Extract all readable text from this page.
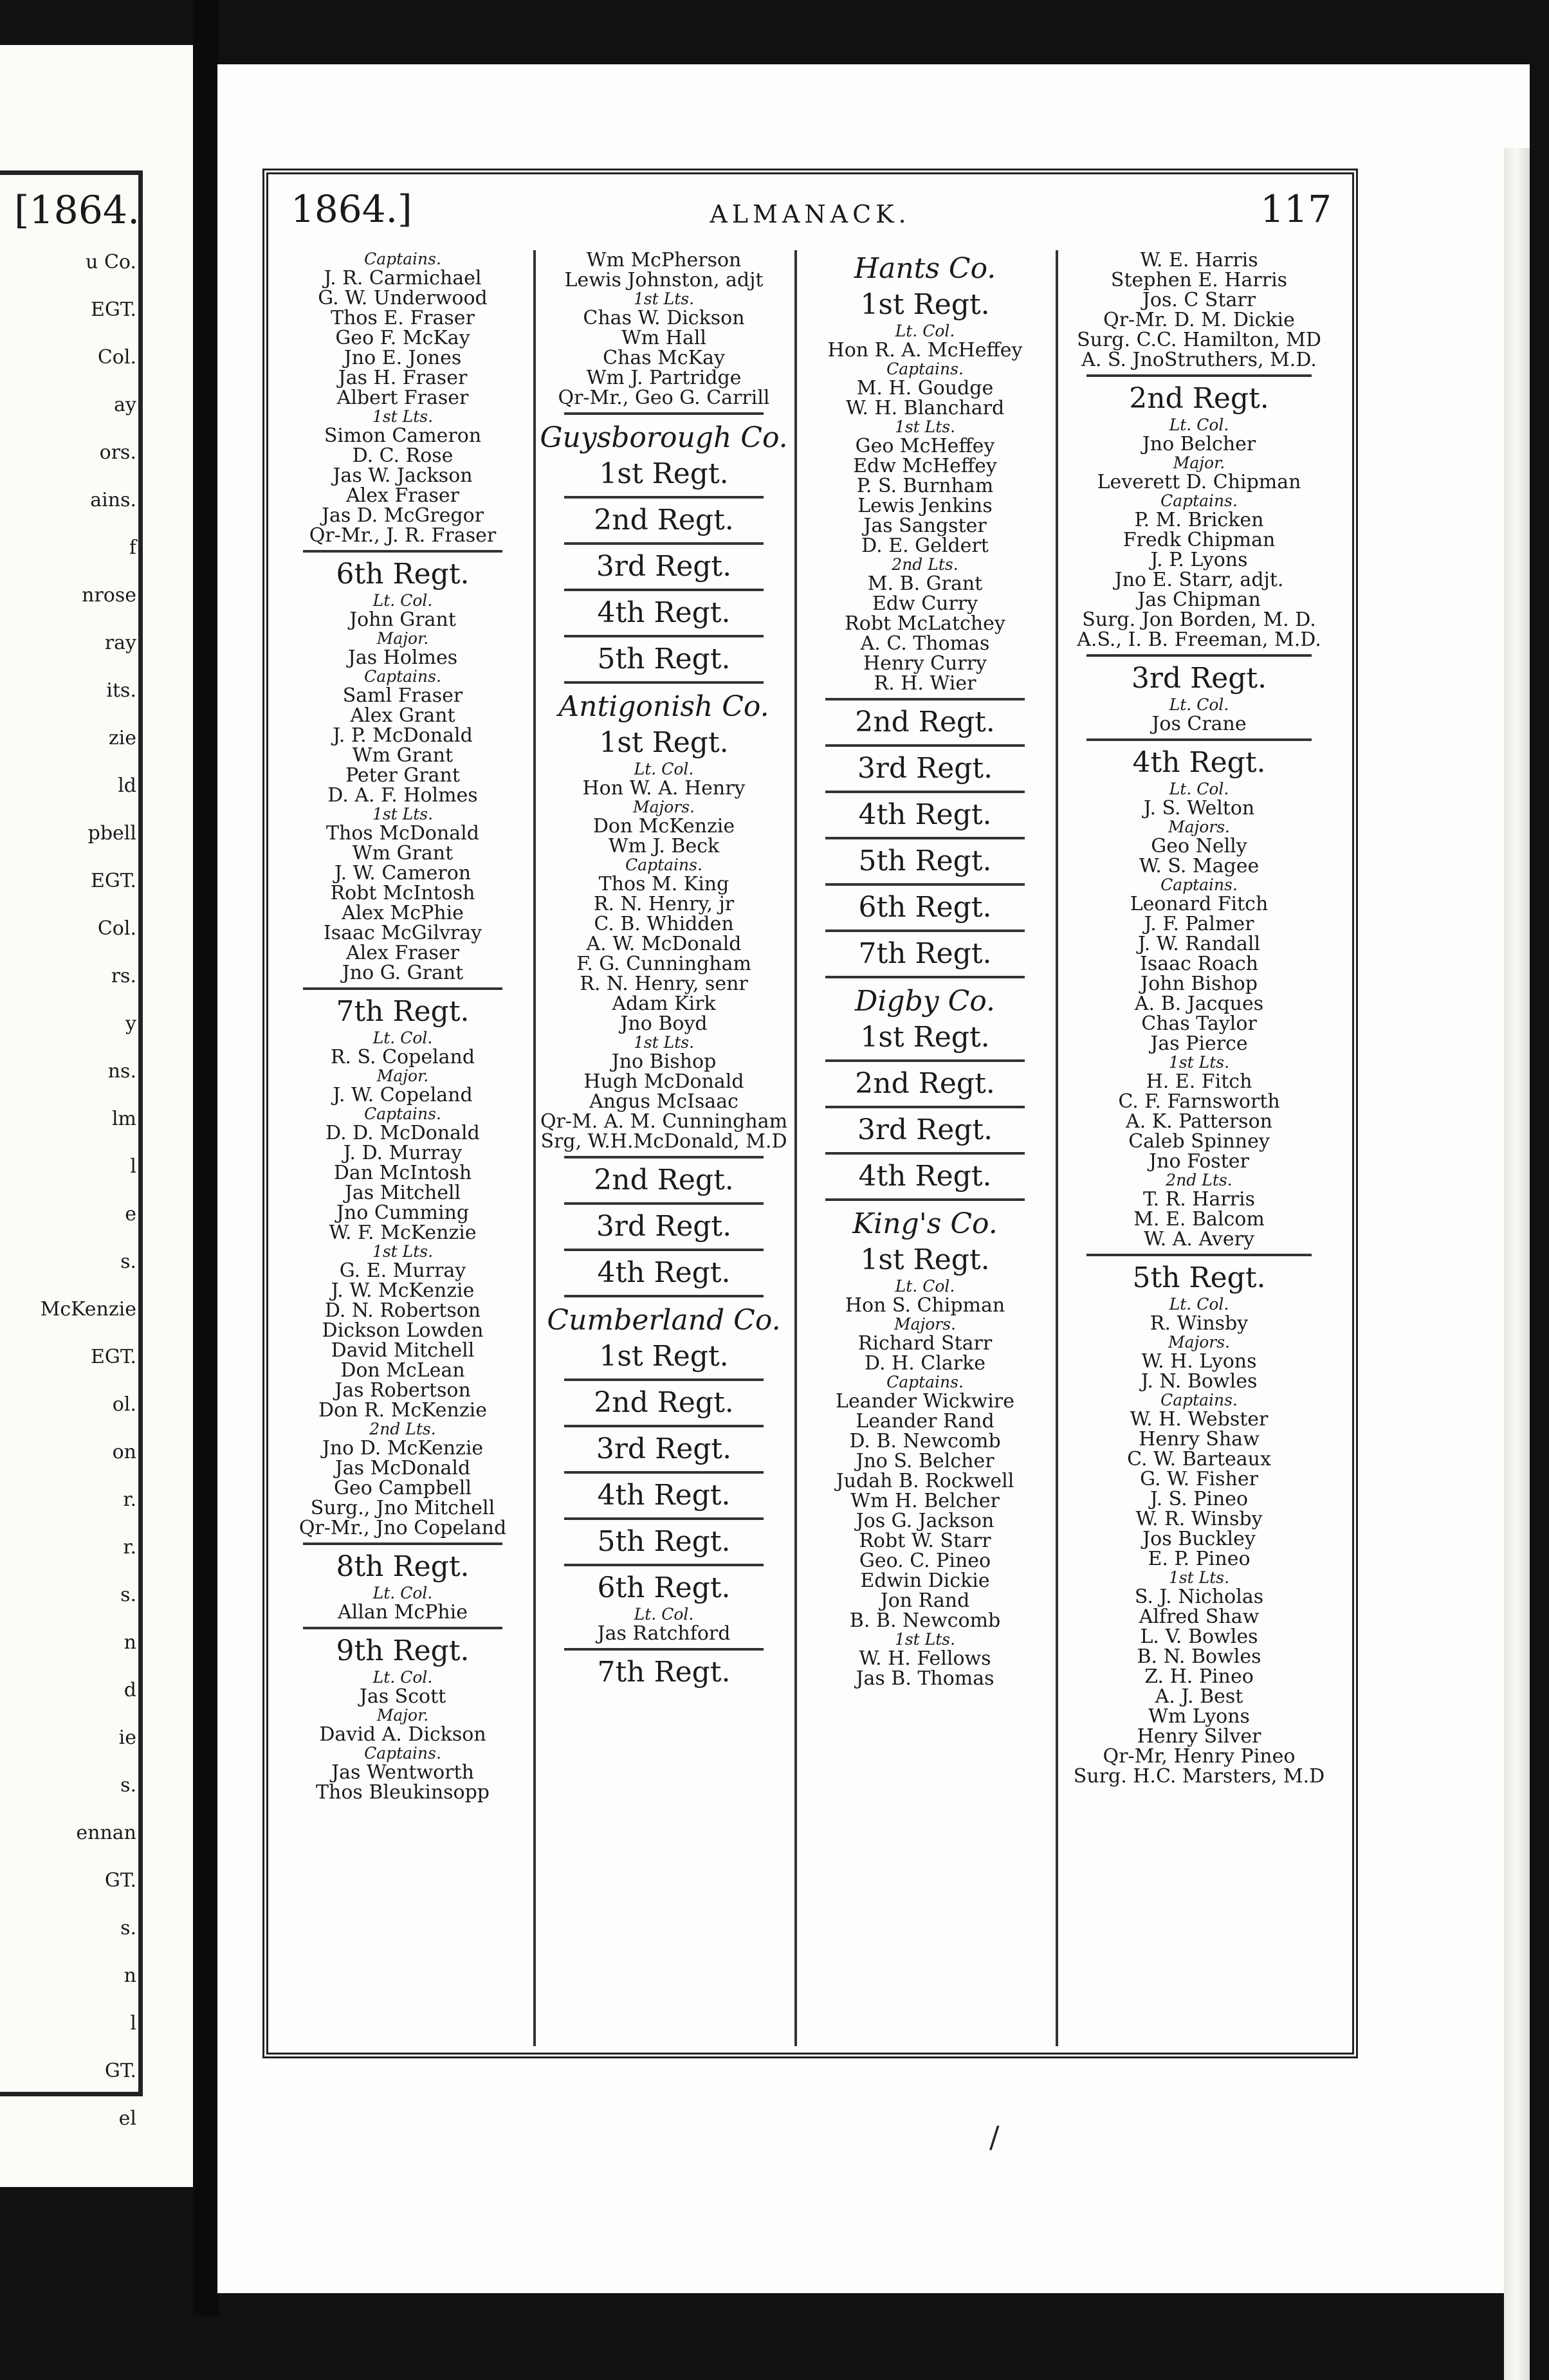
[1864.
u Co.
EGT.
Col.
ay
ors.
ains.
f
nrose
ray
its.
zie
ld
pbell
EGT.
Col.
rs.
y
ns.
lm
l
e
s.
McKenzie
EGT.
ol.
on
r.
r.
s.
n
d
ie
s.
ennan
GT.
s.
n
l
GT.
el
1864.]	ALMANACK.	117
Captains.
J. R. Carmichael
G. W. Underwood
Thos E. Fraser
Geo F. McKay
Jno E. Jones
Jas H. Fraser
Albert Fraser
1st Lts.
Simon Cameron
D. C. Rose
Jas W. Jackson
Alex Fraser
Jas D. McGregor
Qr-Mr., J. R. Fraser
6th Regt.
Lt. Col.
John Grant
Major.
Jas Holmes
Captains.
Saml Fraser
Alex Grant
J. P. McDonald
Wm Grant
Peter Grant
D. A. F. Holmes
1st Lts.
Thos McDonald
Wm Grant
J. W. Cameron
Robt McIntosh
Alex McPhie
Isaac McGilvray
Alex Fraser
Jno G. Grant
7th Regt.
Lt. Col.
R. S. Copeland
Major.
J. W. Copeland
Captains.
D. D. McDonald
J. D. Murray
Dan McIntosh
Jas Mitchell
Jno Cumming
W. F. McKenzie
1st Lts.
G. E. Murray
J. W. McKenzie
D. N. Robertson
Dickson Lowden
David Mitchell
Don McLean
Jas Robertson
Don R. McKenzie
2nd Lts.
Jno D. McKenzie
Jas McDonald
Geo Campbell
Surg., Jno Mitchell
Qr-Mr., Jno Copeland
8th Regt.
Lt. Col.
Allan McPhie
9th Regt.
Lt. Col.
Jas Scott
Major.
David A. Dickson
Captains.
Jas Wentworth
Thos Bleukinsopp
Wm McPherson
Lewis Johnston, adjt
1st Lts.
Chas W. Dickson
Wm Hall
Chas McKay
Wm J. Partridge
Qr-Mr., Geo G. Carrill
Guysborough Co.
1st Regt.
2nd Regt.
3rd Regt.
4th Regt.
5th Regt.
Antigonish Co.
1st Regt.
Lt. Col.
Hon W. A. Henry
Majors.
Don McKenzie
Wm J. Beck
Captains.
Thos M. King
R. N. Henry, jr
C. B. Whidden
A. W. McDonald
F. G. Cunningham
R. N. Henry, senr
Adam Kirk
Jno Boyd
1st Lts.
Jno Bishop
Hugh McDonald
Angus McIsaac
Qr-M. A. M. Cunningham
Srg, W.H.McDonald, M.D
2nd Regt.
3rd Regt.
4th Regt.
Cumberland Co.
1st Regt.
2nd Regt.
3rd Regt.
4th Regt.
5th Regt.
6th Regt.
Lt. Col.
Jas Ratchford
7th Regt.
Hants Co.
1st Regt.
Lt. Col.
Hon R. A. McHeffey
Captains.
M. H. Goudge
W. H. Blanchard
1st Lts.
Geo McHeffey
Edw McHeffey
P. S. Burnham
Lewis Jenkins
Jas Sangster
D. E. Geldert
2nd Lts.
M. B. Grant
Edw Curry
Robt McLatchey
A. C. Thomas
Henry Curry
R. H. Wier
2nd Regt.
3rd Regt.
4th Regt.
5th Regt.
6th Regt.
7th Regt.
Digby Co.
1st Regt.
2nd Regt.
3rd Regt.
4th Regt.
King's Co.
1st Regt.
Lt. Col.
Hon S. Chipman
Majors.
Richard Starr
D. H. Clarke
Captains.
Leander Wickwire
Leander Rand
D. B. Newcomb
Jno S. Belcher
Judah B. Rockwell
Wm H. Belcher
Jos G. Jackson
Robt W. Starr
Geo. C. Pineo
Edwin Dickie
Jon Rand
B. B. Newcomb
1st Lts.
W. H. Fellows
Jas B. Thomas
W. E. Harris
Stephen E. Harris
Jos. C Starr
Qr-Mr. D. M. Dickie
Surg. C.C. Hamilton, MD
A. S. JnoStruthers, M.D.
2nd Regt.
Lt. Col.
Jno Belcher
Major.
Leverett D. Chipman
Captains.
P. M. Bricken
Fredk Chipman
J. P. Lyons
Jno E. Starr, adjt.
Jas Chipman
Surg. Jon Borden, M. D.
A.S., I. B. Freeman, M.D.
3rd Regt.
Lt. Col.
Jos Crane
4th Regt.
Lt. Col.
J. S. Welton
Majors.
Geo Nelly
W. S. Magee
Captains.
Leonard Fitch
J. F. Palmer
J. W. Randall
Isaac Roach
John Bishop
A. B. Jacques
Chas Taylor
Jas Pierce
1st Lts.
H. E. Fitch
C. F. Farnsworth
A. K. Patterson
Caleb Spinney
Jno Foster
2nd Lts.
T. R. Harris
M. E. Balcom
W. A. Avery
5th Regt.
Lt. Col.
R. Winsby
Majors.
W. H. Lyons
J. N. Bowles
Captains.
W. H. Webster
Henry Shaw
C. W. Barteaux
G. W. Fisher
J. S. Pineo
W. R. Winsby
Jos Buckley
E. P. Pineo
1st Lts.
S. J. Nicholas
Alfred Shaw
L. V. Bowles
B. N. Bowles
Z. H. Pineo
A. J. Best
Wm Lyons
Henry Silver
Qr-Mr, Henry Pineo
Surg. H.C. Marsters, M.D
/
